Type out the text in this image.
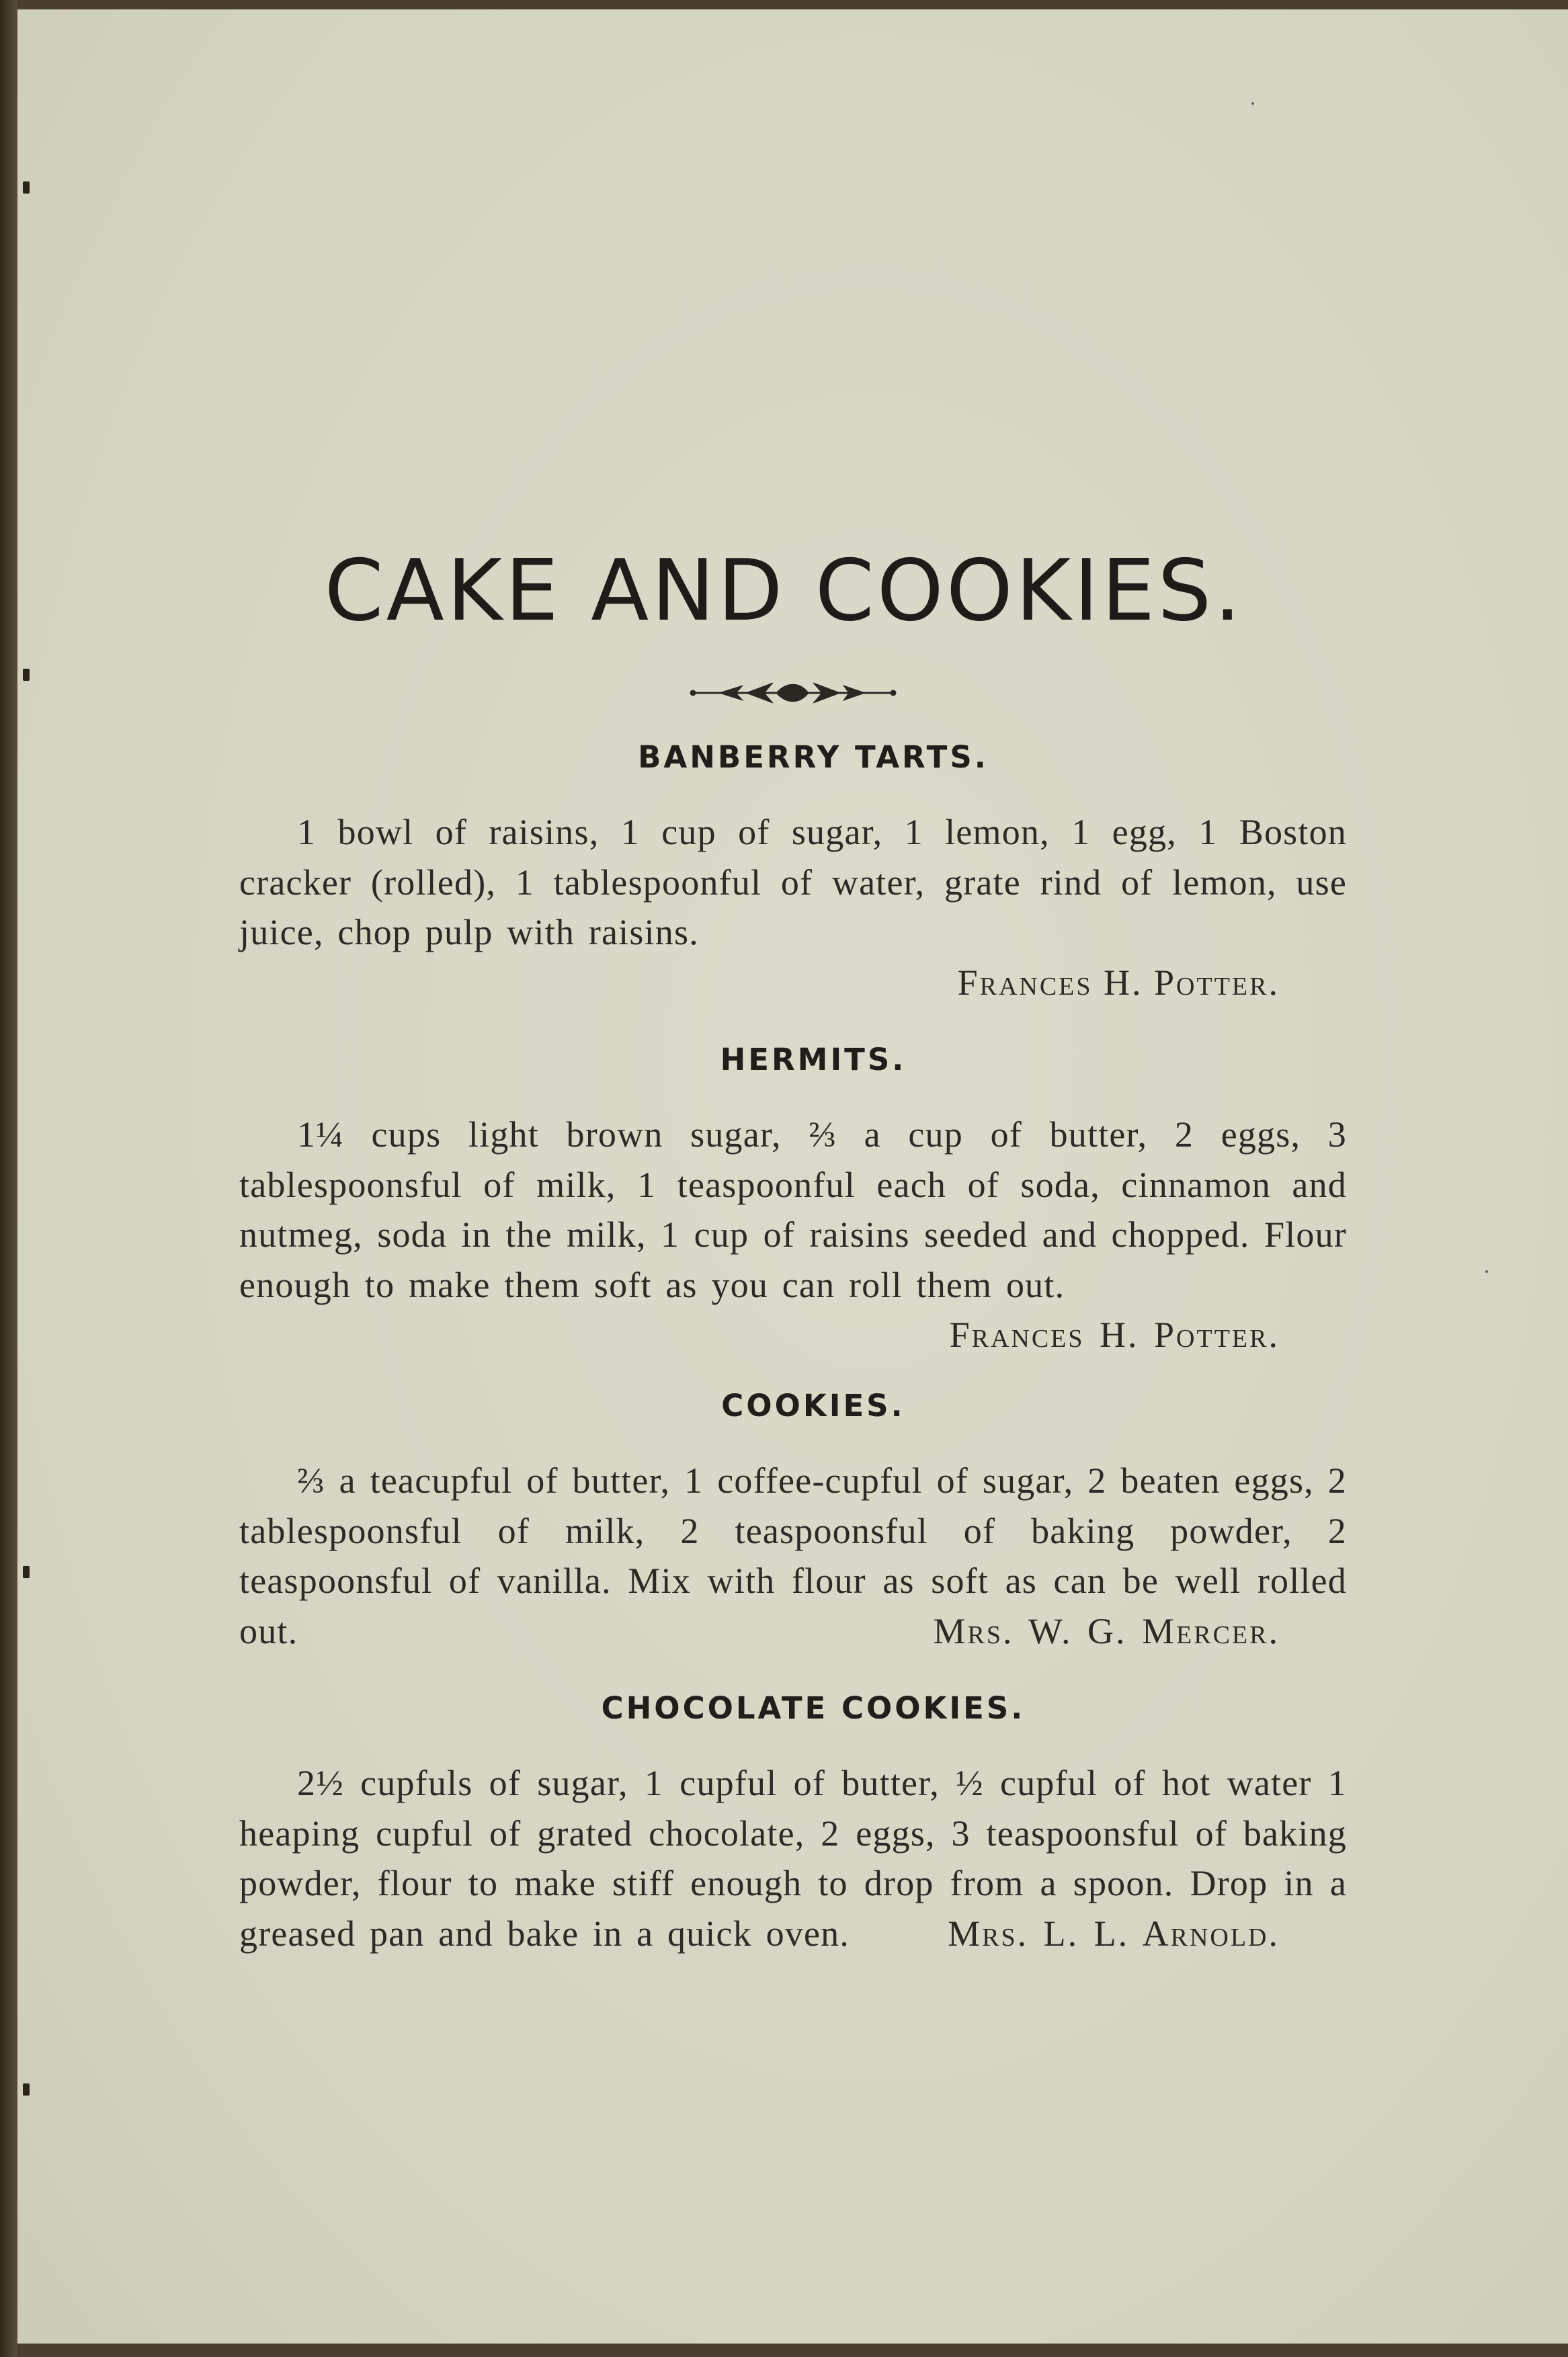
CAKE AND COOKIES.
BANBERRY TARTS.

1 bowl of raisins, 1 cup of sugar, 1 lemon, 1 egg, 1 Boston cracker (rolled), 1 tablespoonful of water, grate rind of lemon, use juice, chop pulp with raisins.

Frances H. Potter.
HERMITS.

1¼ cups light brown sugar, ⅔ a cup of butter, 2 eggs, 3 tablespoonsful of milk, 1 teaspoonful each of soda, cinnamon and nutmeg, soda in the milk, 1 cup of raisins seeded and chopped. Flour enough to make them soft as you can roll them out.
Frances H. Potter.

COOKIES.

⅔ a teacupful of butter, 1 coffee-cupful of sugar, 2 beaten eggs, 2 tablespoonsful of milk, 2 teaspoonsful of baking powder, 2 teaspoonsful of vanilla. Mix with flour as soft as can be well rolled out.	Mrs. W. G. Mercer.

CHOCOLATE COOKIES.

2½ cupfuls of sugar, 1 cupful of butter, ½ cupful of hot water 1 heaping cupful of grated chocolate, 2 eggs, 3 teaspoonsful of baking powder, flour to make stiff enough to drop from a spoon. Drop in a greased pan and bake in a quick oven.	Mrs. L. L. Arnold.
